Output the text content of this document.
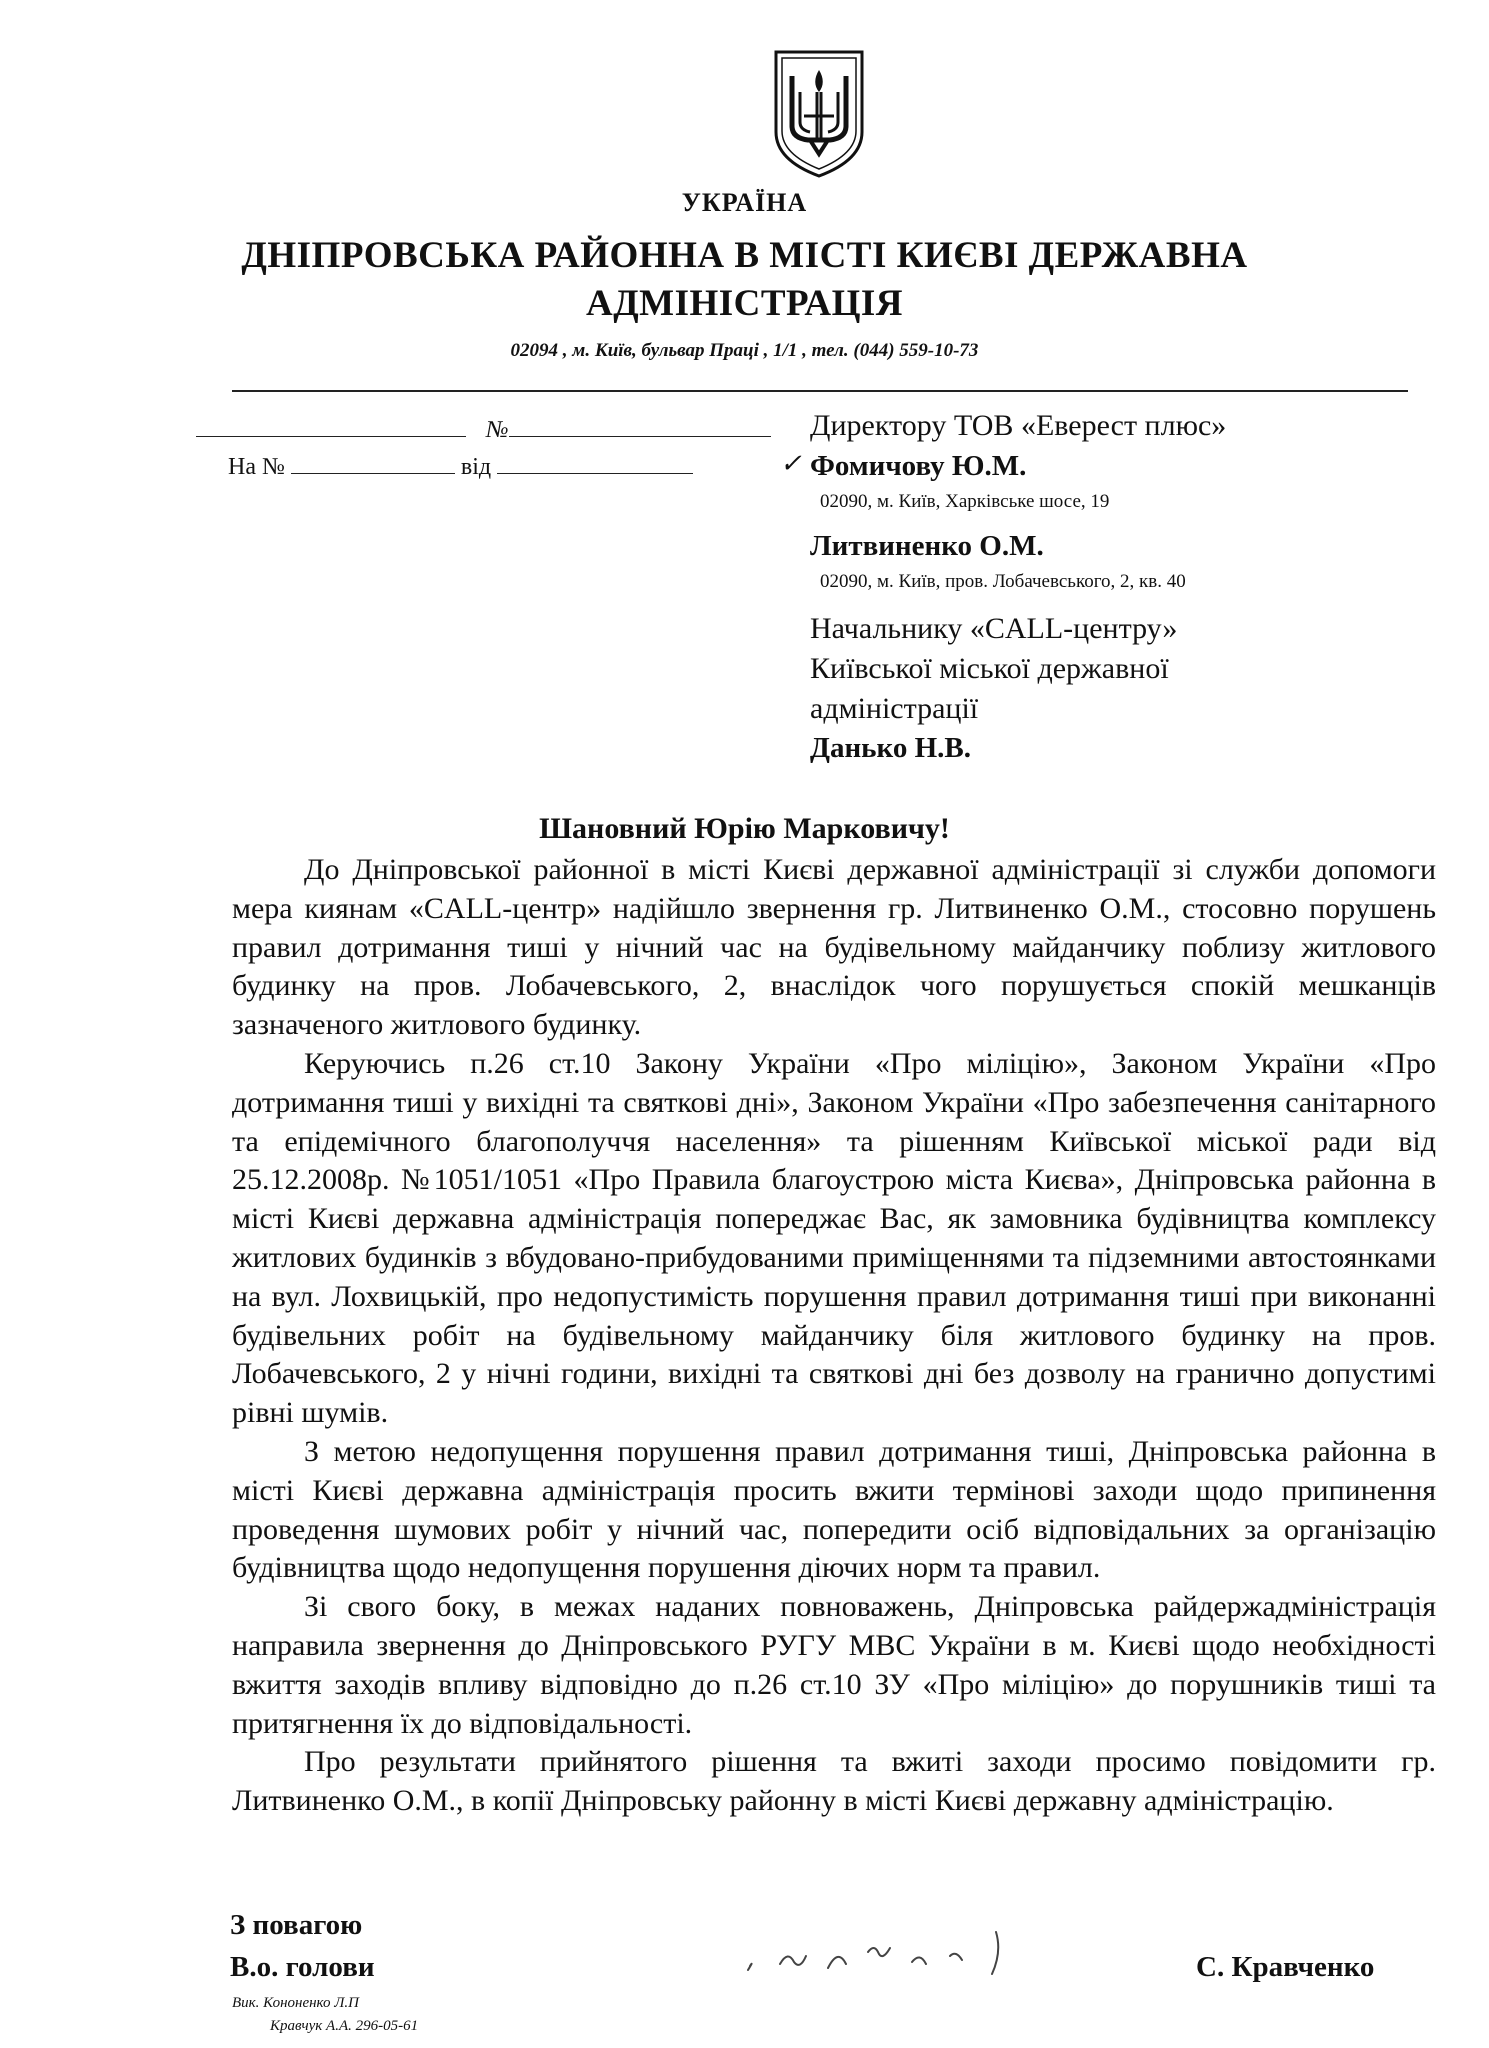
УКРАЇНА
ДНІПРОВСЬКА РАЙОННА В МІСТІ КИЄВІ ДЕРЖАВНА
АДМІНІСТРАЦІЯ
02094 , м. Київ, бульвар Праці , 1/1 , тел. (044) 559-10-73
№
На №	від	✓
Директору ТОВ «Еверест плюс»
Фомичову Ю.М.
02090, м. Київ, Харківське шосе, 19
Литвиненко О.М.
02090, м. Київ, пров. Лобачевського, 2, кв. 40
Начальнику «CALL-центру»
Київської міської державної
адміністрації
Данько Н.В.
Шановний Юрію Марковичу!

До Дніпровської районної в місті Києві державної адміністрації зі служби допомоги мера киянам «CALL-центр» надійшло звернення гр. Литвиненко О.М., стосовно порушень правил дотримання тиші у нічний час на будівельному майданчику поблизу житлового будинку на пров. Лобачевського, 2, внаслідок чого порушується спокій мешканців зазначеного житлового будинку.

Керуючись п.26 ст.10 Закону України «Про міліцію», Законом України «Про дотримання тиші у вихідні та святкові дні», Законом України «Про забезпечення санітарного та епідемічного благополуччя населення» та рішенням Київської міської ради від 25.12.2008р. №1051/1051 «Про Правила благоустрою міста Києва», Дніпровська районна в місті Києві державна адміністрація попереджає Вас, як замовника будівництва комплексу житлових будинків з вбудовано-прибудованими приміщеннями та підземними автостоянками на вул. Лохвицькій, про недопустимість порушення правил дотримання тиші при виконанні будівельних робіт на будівельному майданчику біля житлового будинку на пров. Лобачевського, 2 у нічні години, вихідні та святкові дні без дозволу на гранично допустимі рівні шумів.

З метою недопущення порушення правил дотримання тиші, Дніпровська районна в місті Києві державна адміністрація просить вжити термінові заходи щодо припинення проведення шумових робіт у нічний час, попередити осіб відповідальних за організацію будівництва щодо недопущення порушення діючих норм та правил.

Зі свого боку, в межах наданих повноважень, Дніпровська райдержадміністрація направила звернення до Дніпровського РУГУ МВС України в м. Києві щодо необхідності вжиття заходів впливу відповідно до п.26 ст.10 ЗУ «Про міліцію» до порушників тиші та притягнення їх до відповідальності.

Про результати прийнятого рішення та вжиті заходи просимо повідомити гр. Литвиненко О.М., в копії Дніпровську районну в місті Києві державну адміністрацію.

З повагою
В.о. голови	С. Кравченко
Вик. Кононенко Л.П
Кравчук А.А. 296-05-61
